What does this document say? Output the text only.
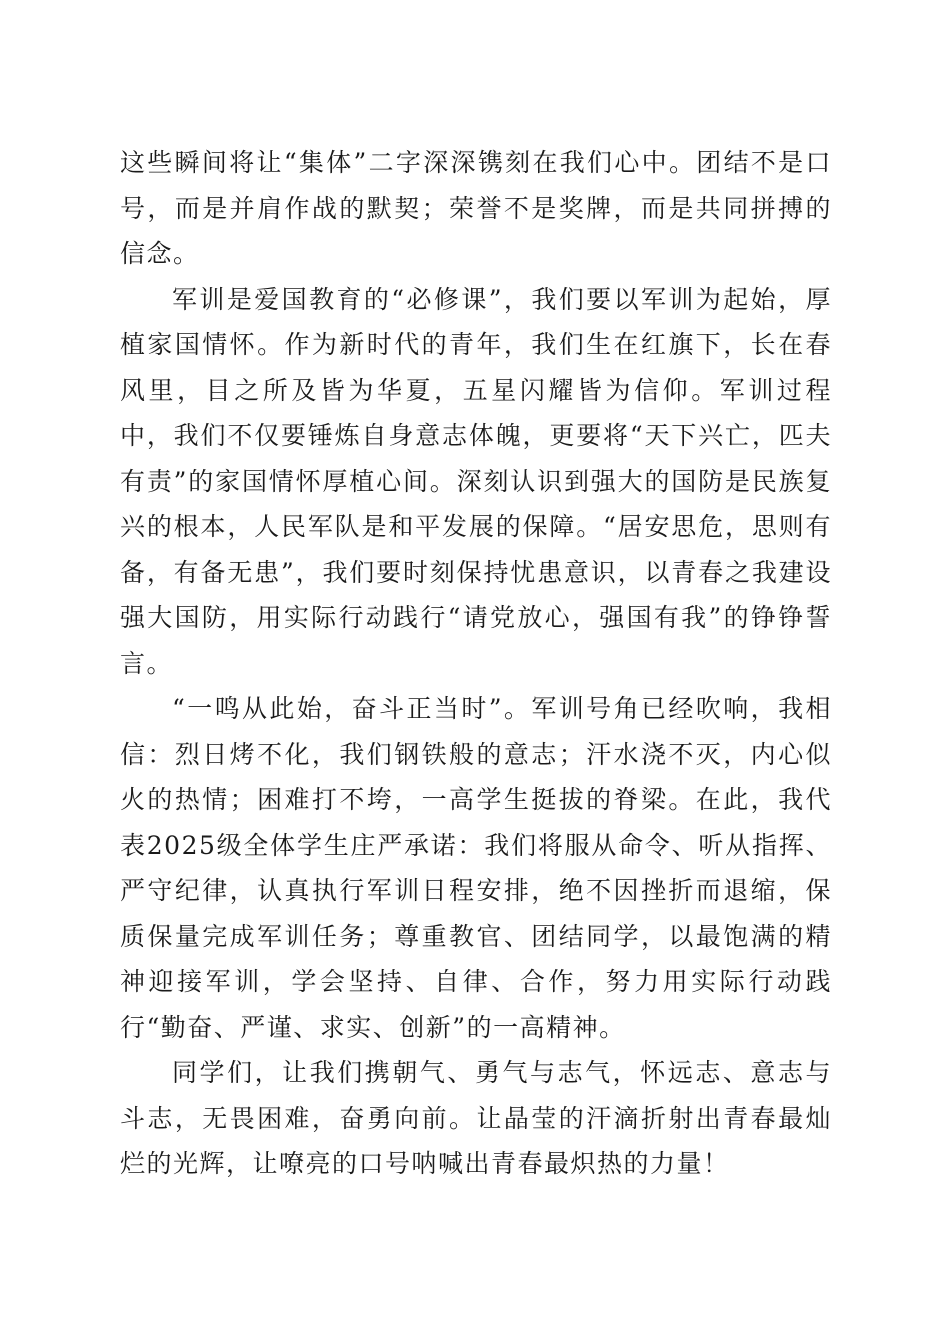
这些瞬间将让“集体”二字深深镌刻在我们心中。团结不是口号，而是并肩作战的默契；荣誉不是奖牌，而是共同拼搏的信念。

军训是爱国教育的“必修课”，我们要以军训为起始，厚植家国情怀。作为新时代的青年，我们生在红旗下，长在春风里，目之所及皆为华夏，五星闪耀皆为信仰。军训过程中，我们不仅要锤炼自身意志体魄，更要将“天下兴亡，匹夫有责”的家国情怀厚植心间。深刻认识到强大的国防是民族复兴的根本，人民军队是和平发展的保障。“居安思危，思则有备，有备无患”，我们要时刻保持忧患意识，以青春之我建设强大国防，用实际行动践行“请党放心，强国有我”的铮铮誓言。

“一鸣从此始，奋斗正当时”。军训号角已经吹响，我相信：烈日烤不化，我们钢铁般的意志；汗水浇不灭，内心似火的热情；困难打不垮，一高学生挺拔的脊梁。在此，我代表2025级全体学生庄严承诺：我们将服从命令、听从指挥、严守纪律，认真执行军训日程安排，绝不因挫折而退缩，保质保量完成军训任务；尊重教官、团结同学，以最饱满的精神迎接军训，学会坚持、自律、合作，努力用实际行动践行“勤奋、严谨、求实、创新”的一高精神。

同学们，让我们携朝气、勇气与志气，怀远志、意志与斗志，无畏困难，奋勇向前。让晶莹的汗滴折射出青春最灿烂的光辉，让嘹亮的口号呐喊出青春最炽热的力量！
